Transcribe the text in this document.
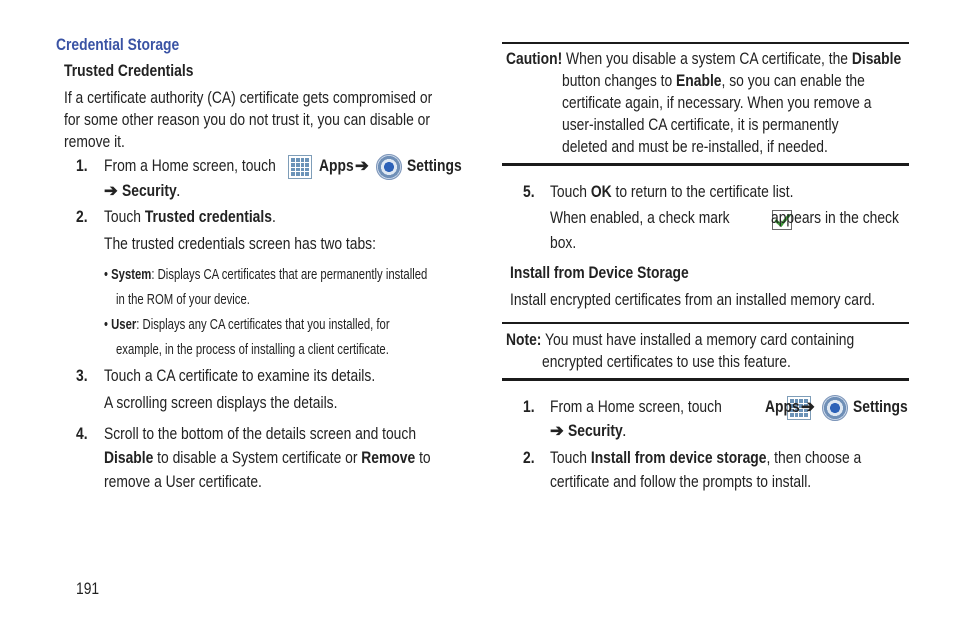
Credential Storage
Trusted Credentials
If a certificate authority (CA) certificate gets compromised or
for some other reason you do not trust it, you can disable or
remove it.
1. From a Home screen, touch
	Apps ➔ Settings
➔ Security
.
2. Touch Trusted credentials.
The trusted credentials screen has two tabs:
• System: Displays CA certificates that are permanently installed
in the ROM of your device.
• User: Displays any CA certificates that you installed, for
example, in the process of installing a client certificate.
3. Touch a CA certificate to examine its details.
A scrolling screen displays the details.
4. Scroll to the bottom of the details screen and touch
Disable to disable a System certificate or Remove to
remove a User certificate.
191
Caution! When you disable a system CA certificate, the Disable
button changes to Enable, so you can enable the
certificate again, if necessary. When you remove a
user-installed CA certificate, it is permanently
deleted and must be re-installed, if needed.
5. Touch OK to return to the certificate list.
When enabled, a check mark
	appears in the check
box.
Install from Device Storage
Install encrypted certificates from an installed memory card.
Note: You must have installed a memory card containing
encrypted certificates to use this feature.
1. From a Home screen, touch	Apps ➔ Settings
➔ Security
.
2. Touch Install from device storage, then choose a
certificate and follow the prompts to install.
